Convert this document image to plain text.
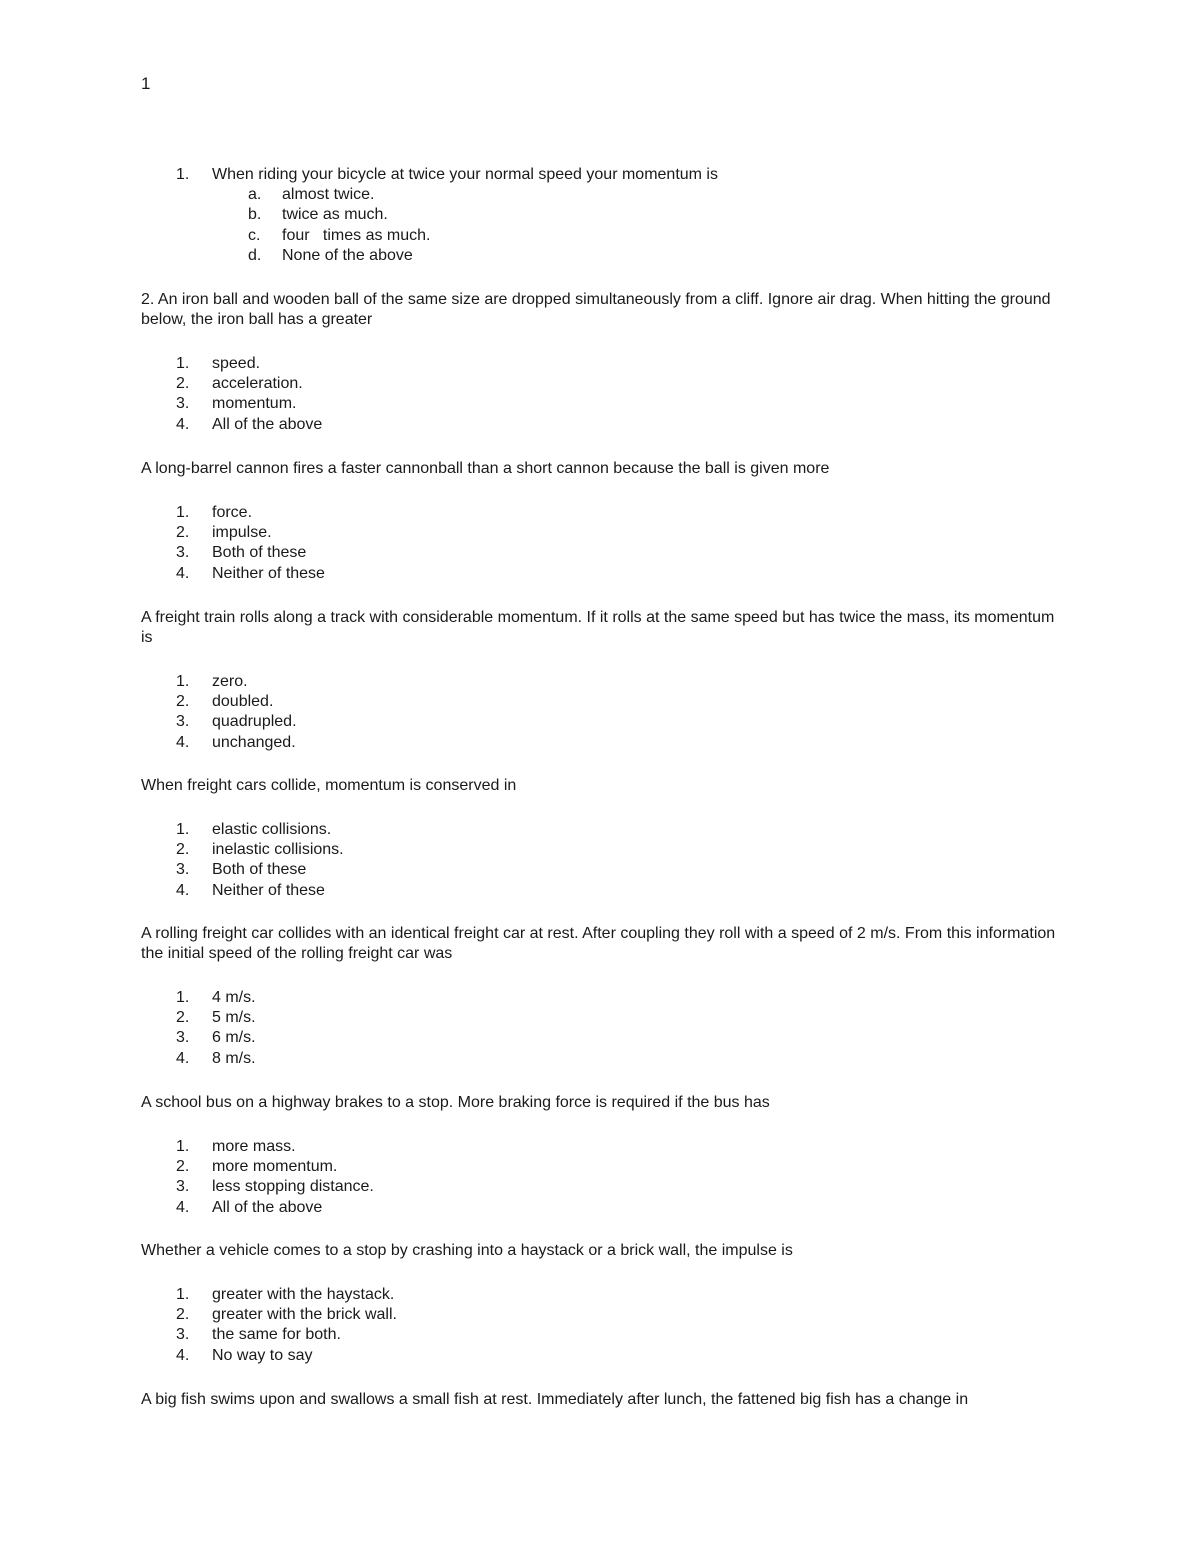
1
1. When riding your bicycle at twice your normal speed your momentum is
a. almost twice.
b. twice as much.
c. four   times as much.
d. None of the above

2. An iron ball and wooden ball of the same size are dropped simultaneously from a cliff. Ignore air drag. When hitting the ground below, the iron ball has a greater

1. speed.
2. acceleration.
3. momentum.
4. All of the above

A long-barrel cannon fires a faster cannonball than a short cannon because the ball is given more

1. force.
2. impulse.
3. Both of these
4. Neither of these

A freight train rolls along a track with considerable momentum. If it rolls at the same speed but has twice the mass, its momentum is

1. zero.
2. doubled.
3. quadrupled.
4. unchanged.

When freight cars collide, momentum is conserved in

1. elastic collisions.
2. inelastic collisions.
3. Both of these
4. Neither of these

A rolling freight car collides with an identical freight car at rest. After coupling they roll with a speed of 2 m/s. From this information the initial speed of the rolling freight car was

1. 4 m/s.
2. 5 m/s.
3. 6 m/s.
4. 8 m/s.

A school bus on a highway brakes to a stop. More braking force is required if the bus has

1. more mass.
2. more momentum.
3. less stopping distance.
4. All of the above

Whether a vehicle comes to a stop by crashing into a haystack or a brick wall, the impulse is

1. greater with the haystack.
2. greater with the brick wall.
3. the same for both.
4. No way to say

A big fish swims upon and swallows a small fish at rest. Immediately after lunch, the fattened big fish has a change in
